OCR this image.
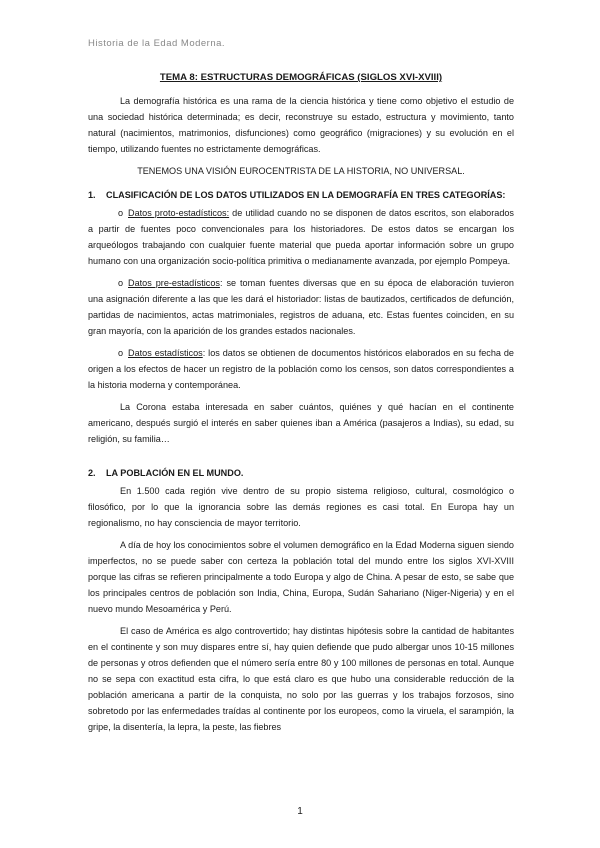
Historia de la Edad Moderna.
TEMA 8: ESTRUCTURAS DEMOGRÁFICAS (SIGLOS XVI-XVIII)

La demografía histórica es una rama de la ciencia histórica y tiene como objetivo el estudio de una sociedad histórica determinada; es decir, reconstruye su estado, estructura y movimiento, tanto natural (nacimientos, matrimonios, disfunciones) como geográfico (migraciones) y su evolución en el tiempo, utilizando fuentes no estrictamente demográficas.

TENEMOS UNA VISIÓN EUROCENTRISTA DE LA HISTORIA, NO UNIVERSAL.
1. CLASIFICACIÓN DE LOS DATOS UTILIZADOS EN LA DEMOGRAFÍA EN TRES CATEGORÍAS:

o Datos proto-estadísticos: de utilidad cuando no se disponen de datos escritos, son elaborados a partir de fuentes poco convencionales para los historiadores. De estos datos se encargan los arqueólogos trabajando con cualquier fuente material que pueda aportar información sobre un grupo humano con una organización socio-política primitiva o medianamente avanzada, por ejemplo Pompeya.

o Datos pre-estadísticos: se toman fuentes diversas que en su época de elaboración tuvieron una asignación diferente a las que les dará el historiador: listas de bautizados, certificados de defunción, partidas de nacimientos, actas matrimoniales, registros de aduana, etc. Estas fuentes coinciden, en su gran mayoría, con la aparición de los grandes estados nacionales.

o Datos estadísticos: los datos se obtienen de documentos históricos elaborados en su fecha de origen a los efectos de hacer un registro de la población como los censos, son datos correspondientes a la historia moderna y contemporánea.

La Corona estaba interesada en saber cuántos, quiénes y qué hacían en el continente americano, después surgió el interés en saber quienes iban a América (pasajeros a Indias), su edad, su religión, su familia…

2. LA POBLACIÓN EN EL MUNDO.

En 1.500 cada región vive dentro de su propio sistema religioso, cultural, cosmológico o filosófico, por lo que la ignorancia sobre las demás regiones es casi total. En Europa hay un regionalismo, no hay consciencia de mayor territorio.

A día de hoy los conocimientos sobre el volumen demográfico en la Edad Moderna siguen siendo imperfectos, no se puede saber con certeza la población total del mundo entre los siglos XVI-XVIII porque las cifras se refieren principalmente a todo Europa y algo de China. A pesar de esto, se sabe que los principales centros de población son India, China, Europa, Sudán Sahariano (Niger-Nigeria) y en el nuevo mundo Mesoamérica y Perú.

El caso de América es algo controvertido; hay distintas hipótesis sobre la cantidad de habitantes en el continente y son muy dispares entre sí, hay quien defiende que pudo albergar unos 10-15 millones de personas y otros defienden que el número sería entre 80 y 100 millones de personas en total. Aunque no se sepa con exactitud esta cifra, lo que está claro es que hubo una considerable reducción de la población americana a partir de la conquista, no solo por las guerras y los trabajos forzosos, sino sobretodo por las enfermedades traídas al continente por los europeos, como la viruela, el sarampión, la gripe, la disentería, la lepra, la peste, las fiebres

1
